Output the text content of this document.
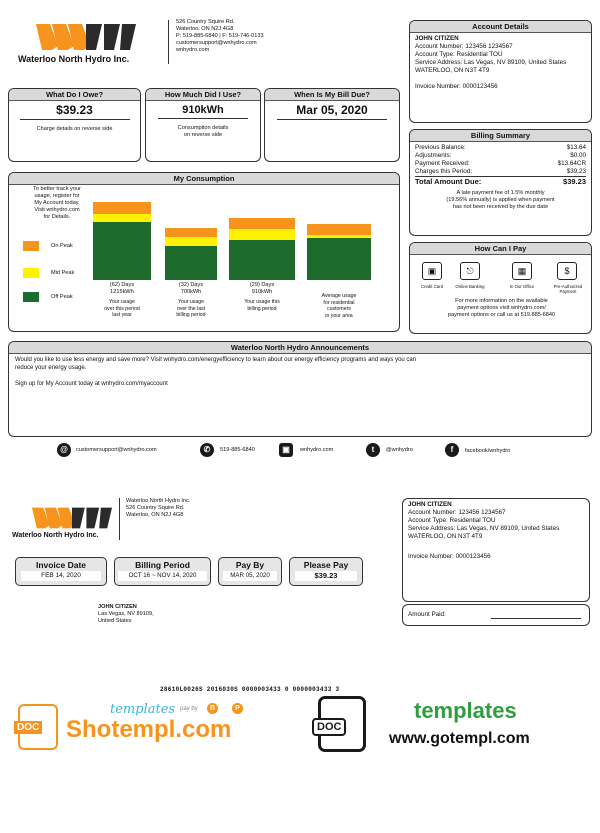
Waterloo North Hydro Inc.
526 Country Squire Rd.
Waterloo, ON N2J 4G8
P: 519-885-6840 | F: 519-746-0133
customersupport@wnhydro.com
wnhydro.com
Account Details
JOHN CITIZEN
Account Number: 123456 1234567
Account Type: Residential TOU
Service Address: Las Vegas, NV 89109, United States
WATERLOO, ON N3T 4T9
Invoice Number: 0000123456
What Do I Owe?
$39.23
Charge details on reverse side
How Much Did I Use?
910kWh
Consumption details
on reverse side
When Is My Bill Due?
Mar 05, 2020
Billing Summary
Previous Balance:	$13.64
Adjustments:	$0.00
Payment Received:	$13.64CR
Charges this Period:	$39.23
Total Amount Due:	$39.23
A late payment fee of 1.5% monthly
(19.56% annually) is applied when payment
has not been received by the due date
My Consumption
To better track your
usage, register for
My Account today.
Visit wnhydro.com
for Details.
On Peak
Mid Peak
Off Peak
(62) Days
1215kWh
Your usage
over this period
last year
(32) Days
700kWh
Your usage
over the last
billing period
(29) Days
910kWh
Your usage this
billing period
Average usage
for residential
customers
in your area
How Can I Pay
▣	⎋	▦	$
Credit Card	Online Banking	In Our Office	Pre-Authorized Payment
For more information on the available
payment options visit wnhydro.com/
payment options or call us at 519.885-6840
Waterloo North Hydro Announcements
Would you like to use less energy and save more? Visit wnhydro.com/energyefficiency to learn about our energy efficiency programs and ways you can
reduce your energy usage.
Sign up for My Account today at wnhydro.com/myaccount
@	customersupport@wnhydro.com	✆	519-885-6840	▣	wnhydro.com	t	@wnhydro	f	facebook/wnhydro
Waterloo North Hydro Inc.
Waterloo North Hydro Inc.
526 Country Squire Rd.
Waterloo, ON N2J 4G8
JOHN CITIZEN
Account Number: 123456 1234567
Account Type: Residential TOU
Service Address: Las Vegas, NV 89109, United States
WATERLOO, ON N3T 4T9
Invoice Number: 0000123456
Amount Paid:
Invoice Date
FEB 14, 2020
Billing Period
OCT 16 ~ NOV 14, 2020
Pay By
MAR 05, 2020
Please Pay
$39.23
JOHN CITIZEN
Las Vegas, NV 89109,
United States
28610L0026S 2016030S 0000003433 0 0000003433 3
DOC
templates pay by	B	P
Shotempl.com	DOC
templates
www.gotempl.com
